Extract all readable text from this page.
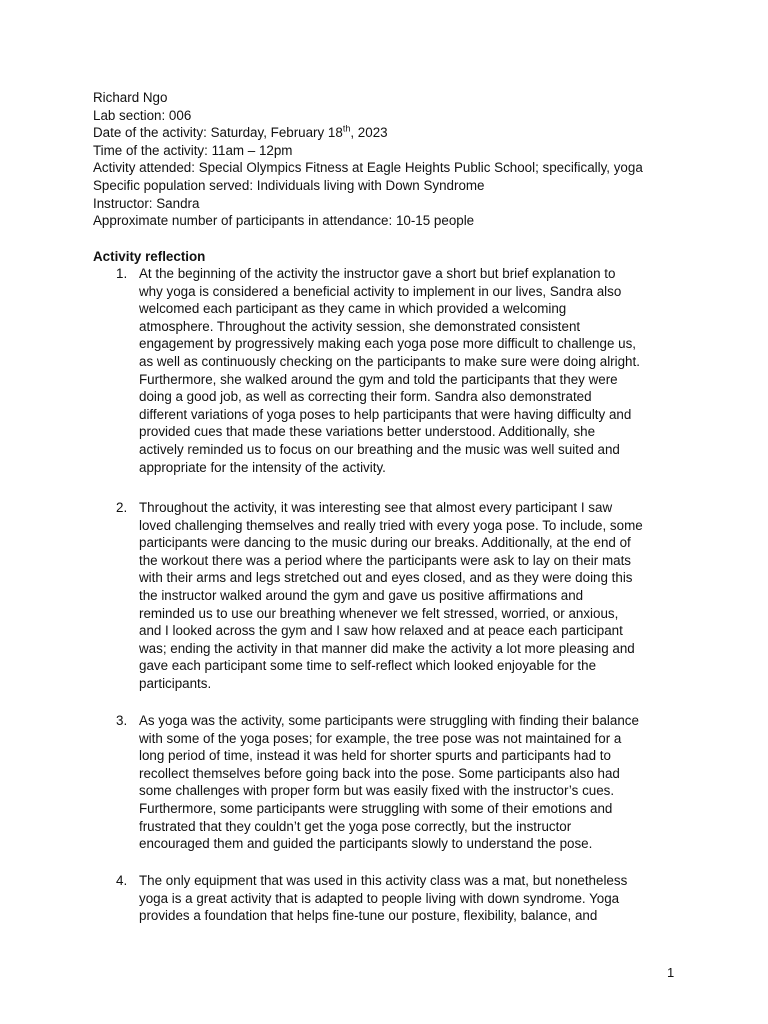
Richard Ngo
Lab section: 006
Date of the activity: Saturday, February 18th, 2023
Time of the activity: 11am – 12pm
Activity attended: Special Olympics Fitness at Eagle Heights Public School; specifically, yoga
Specific population served: Individuals living with Down Syndrome
Instructor: Sandra
Approximate number of participants in attendance: 10-15 people
Activity reflection
1. At the beginning of the activity the instructor gave a short but brief explanation to
why yoga is considered a beneficial activity to implement in our lives, Sandra also
welcomed each participant as they came in which provided a welcoming
atmosphere. Throughout the activity session, she demonstrated consistent
engagement by progressively making each yoga pose more difficult to challenge us,
as well as continuously checking on the participants to make sure were doing alright.
Furthermore, she walked around the gym and told the participants that they were
doing a good job, as well as correcting their form. Sandra also demonstrated
different variations of yoga poses to help participants that were having difficulty and
provided cues that made these variations better understood. Additionally, she
actively reminded us to focus on our breathing and the music was well suited and
appropriate for the intensity of the activity.
2. Throughout the activity, it was interesting see that almost every participant I saw
loved challenging themselves and really tried with every yoga pose. To include, some
participants were dancing to the music during our breaks. Additionally, at the end of
the workout there was a period where the participants were ask to lay on their mats
with their arms and legs stretched out and eyes closed, and as they were doing this
the instructor walked around the gym and gave us positive affirmations and
reminded us to use our breathing whenever we felt stressed, worried, or anxious,
and I looked across the gym and I saw how relaxed and at peace each participant
was; ending the activity in that manner did make the activity a lot more pleasing and
gave each participant some time to self-reflect which looked enjoyable for the
participants.
3. As yoga was the activity, some participants were struggling with finding their balance
with some of the yoga poses; for example, the tree pose was not maintained for a
long period of time, instead it was held for shorter spurts and participants had to
recollect themselves before going back into the pose. Some participants also had
some challenges with proper form but was easily fixed with the instructor’s cues.
Furthermore, some participants were struggling with some of their emotions and
frustrated that they couldn’t get the yoga pose correctly, but the instructor
encouraged them and guided the participants slowly to understand the pose.
4. The only equipment that was used in this activity class was a mat, but nonetheless
yoga is a great activity that is adapted to people living with down syndrome. Yoga
provides a foundation that helps fine-tune our posture, flexibility, balance, and
1
